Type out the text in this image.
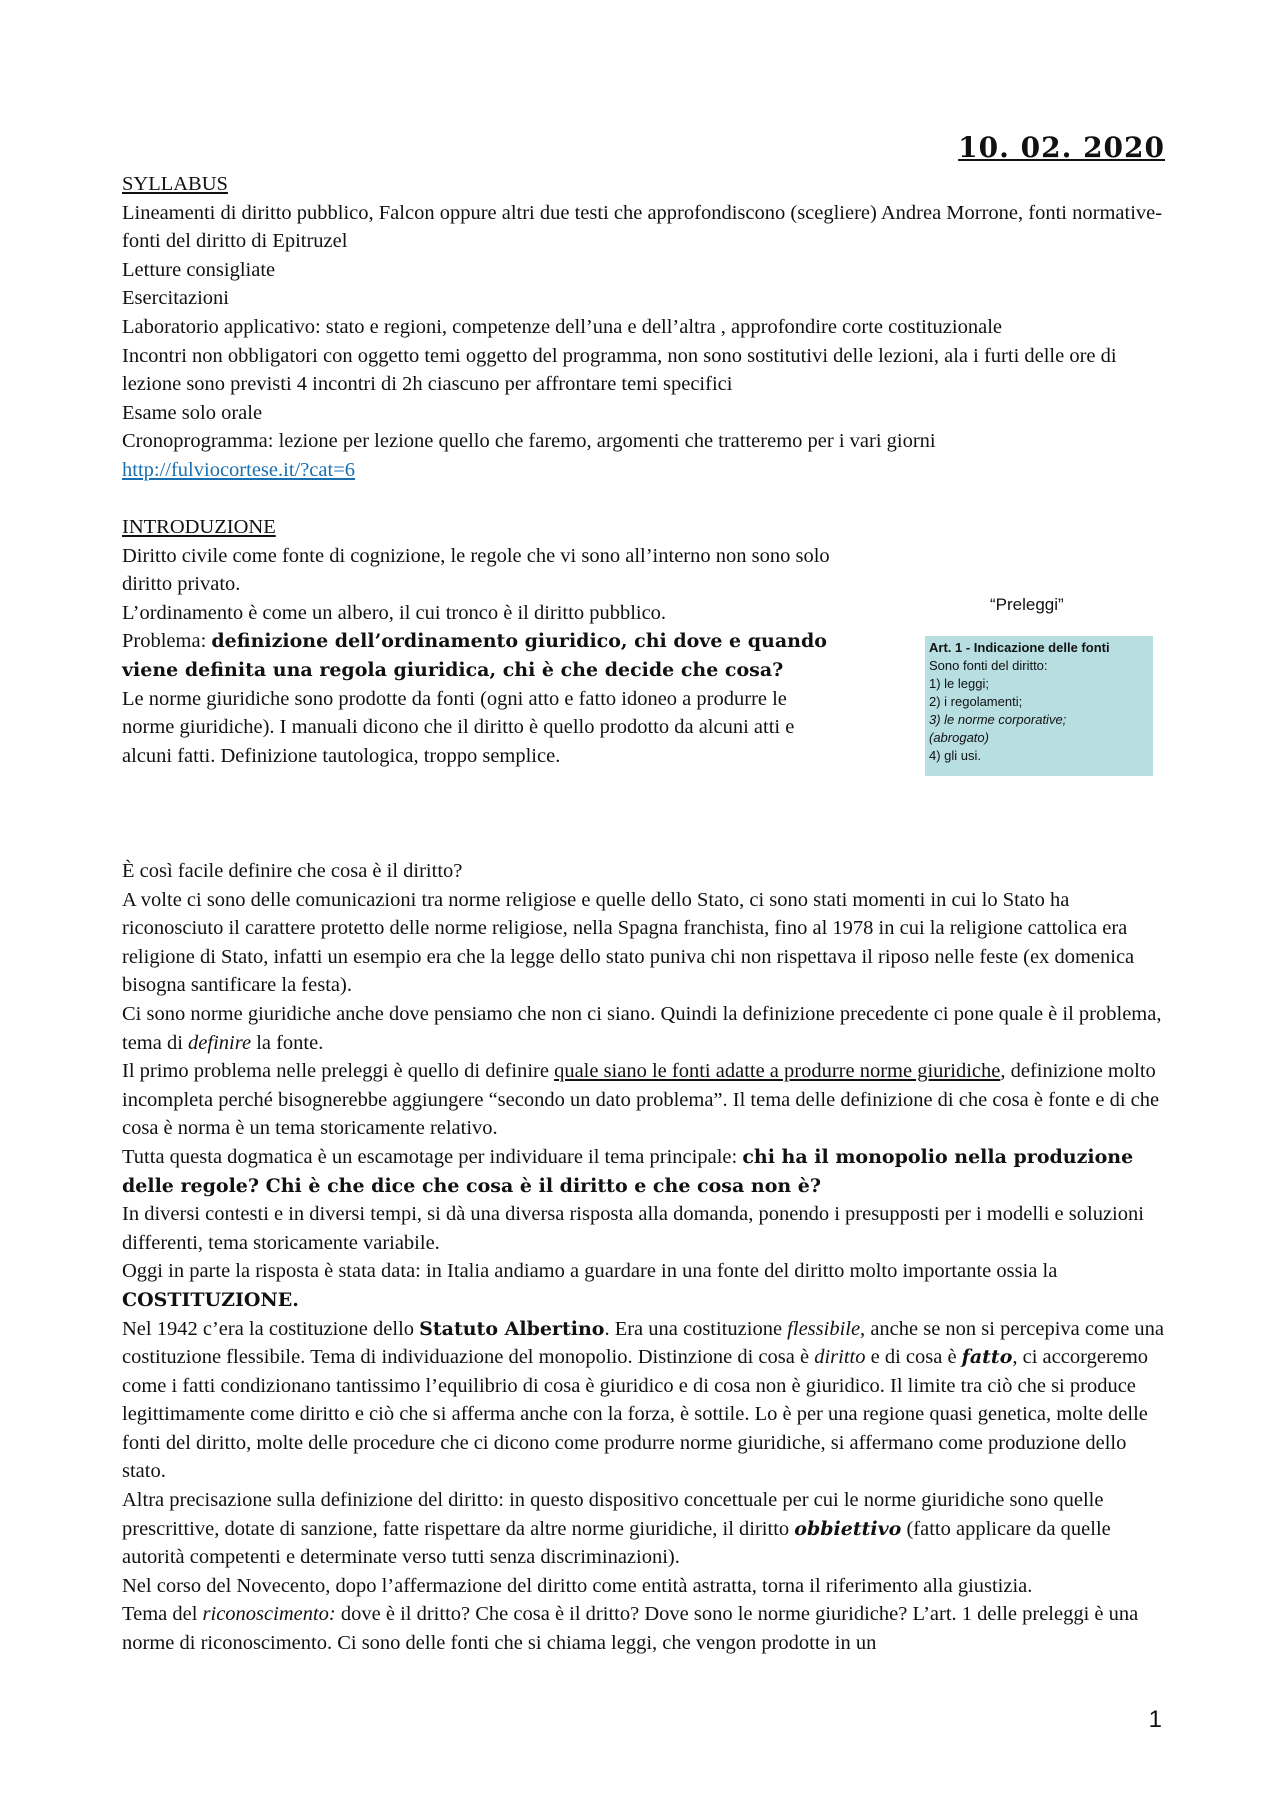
10. 02. 2020

SYLLABUS

Lineamenti di diritto pubblico, Falcon oppure altri due testi che approfondiscono (scegliere) Andrea Morrone, fonti normative- fonti del diritto di Epitruzel

Letture consigliate

Esercitazioni

Laboratorio applicativo: stato e regioni, competenze dell’una e dell’altra , approfondire corte costituzionale

Incontri non obbligatori con oggetto temi oggetto del programma, non sono sostitutivi delle lezioni, ala i furti delle ore di lezione sono previsti 4 incontri di 2h ciascuno per affrontare temi specifici

Esame solo orale

Cronoprogramma: lezione per lezione quello che faremo, argomenti che tratteremo per i vari giorni

http://fulviocortese.it/?cat=6

INTRODUZIONE

Diritto civile come fonte di cognizione, le regole che vi sono all’interno non sono solo diritto privato.

L’ordinamento è come un albero, il cui tronco è il diritto pubblico.

Problema: definizione dell’ordinamento giuridico, chi dove e quando viene definita una regola giuridica, chi è che decide che cosa?

Le norme giuridiche sono prodotte da fonti (ogni atto e fatto idoneo a produrre le norme giuridiche). I manuali dicono che il diritto è quello prodotto da alcuni atti e alcuni fatti. Definizione tautologica, troppo semplice.

“Preleggi”
Art. 1 - Indicazione delle fonti
Sono fonti del diritto:
1) le leggi;
2) i regolamenti;
3) le norme corporative;
(abrogato)
4) gli usi.

È così facile definire che cosa è il diritto?

A volte ci sono delle comunicazioni tra norme religiose e quelle dello Stato, ci sono stati momenti in cui lo Stato ha riconosciuto il carattere protetto delle norme religiose, nella Spagna franchista, fino al 1978 in cui la religione cattolica era religione di Stato, infatti un esempio era che la legge dello stato puniva chi non rispettava il riposo nelle feste (ex domenica bisogna santificare la festa).

Ci sono norme giuridiche anche dove pensiamo che non ci siano. Quindi la definizione precedente ci pone quale è il problema, tema di definire la fonte.

Il primo problema nelle preleggi è quello di definire quale siano le fonti adatte a produrre norme giuridiche, definizione molto incompleta perché bisognerebbe aggiungere “secondo un dato problema”. Il tema delle definizione di che cosa è fonte e di che cosa è norma è un tema storicamente relativo.

Tutta questa dogmatica è un escamotage per individuare il tema principale: chi ha il monopolio nella produzione delle regole? Chi è che dice che cosa è il diritto e che cosa non è?

In diversi contesti e in diversi tempi, si dà una diversa risposta alla domanda, ponendo i presupposti per i modelli e soluzioni differenti, tema storicamente variabile.

Oggi in parte la risposta è stata data: in Italia andiamo a guardare in una fonte del diritto molto importante ossia la COSTITUZIONE.

Nel 1942 c’era la costituzione dello Statuto Albertino. Era una costituzione flessibile, anche se non si percepiva come una costituzione flessibile. Tema di individuazione del monopolio. Distinzione di cosa è diritto e di cosa è fatto, ci accorgeremo come i fatti condizionano tantissimo l’equilibrio di cosa è giuridico e di cosa non è giuridico. Il limite tra ciò che si produce legittimamente come diritto e ciò che si afferma anche con la forza, è sottile. Lo è per una regione quasi genetica, molte delle fonti del diritto, molte delle procedure che ci dicono come produrre norme giuridiche, si affermano come produzione dello stato.

Altra precisazione sulla definizione del diritto: in questo dispositivo concettuale per cui le norme giuridiche sono quelle prescrittive, dotate di sanzione, fatte rispettare da altre norme giuridiche, il diritto obbiettivo (fatto applicare da quelle autorità competenti e determinate verso tutti senza discriminazioni).

Nel corso del Novecento, dopo l’affermazione del diritto come entità astratta, torna il riferimento alla giustizia.

Tema del riconoscimento: dove è il dritto? Che cosa è il dritto? Dove sono le norme giuridiche? L’art. 1 delle preleggi è una norme di riconoscimento. Ci sono delle fonti che si chiama leggi, che vengon prodotte in un

1
